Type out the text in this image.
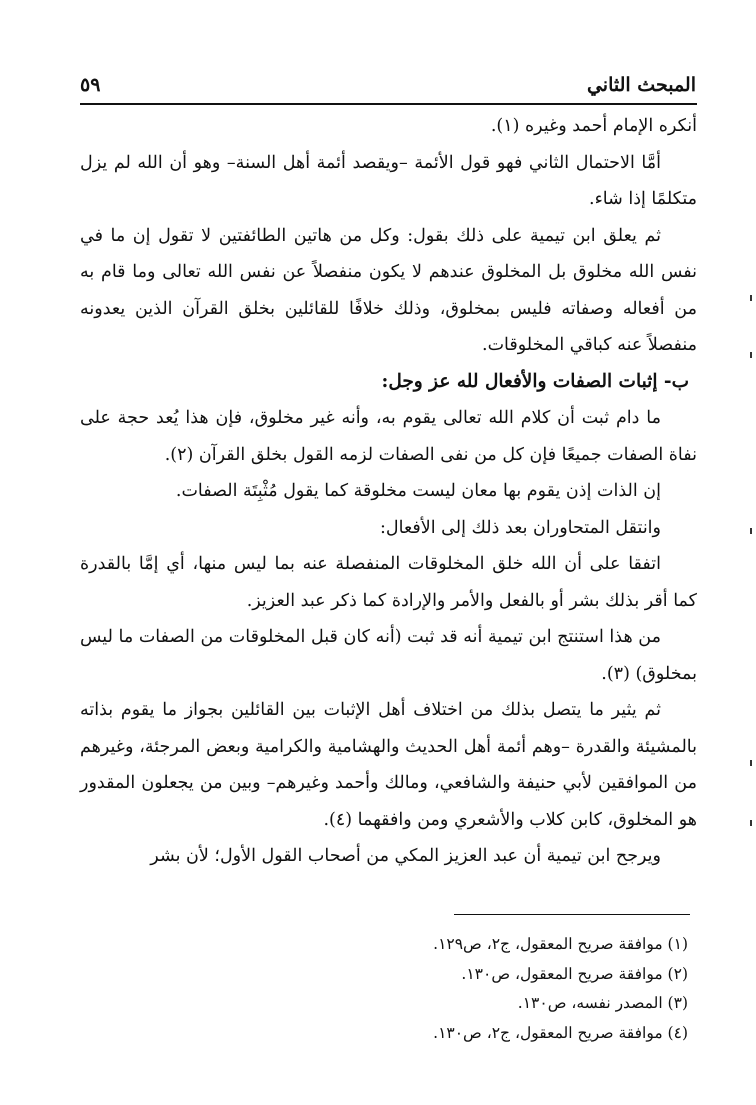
المبحث الثاني
٥٩

أنكره الإمام أحمد وغيره (١).

أمَّا الاحتمال الثاني فهو قول الأئمة –ويقصد أئمة أهل السنة– وهو أن الله لم يزل متكلمًا إذا شاء.

ثم يعلق ابن تيمية على ذلك بقول: وكل من هاتين الطائفتين لا تقول إن ما في نفس الله مخلوق بل المخلوق عندهم لا يكون منفصلاً عن نفس الله تعالى وما قام به من أفعاله وصفاته فليس بمخلوق، وذلك خلافًا للقائلين بخلق القرآن الذين يعدونه منفصلاً عنه كباقي المخلوقات.

ب- إثبات الصفات والأفعال لله عز وجل:

ما دام ثبت أن كلام الله تعالى يقوم به، وأنه غير مخلوق، فإن هذا يُعد حجة على نفاة الصفات جميعًا فإن كل من نفى الصفات لزمه القول بخلق القرآن (٢).

إن الذات إذن يقوم بها معان ليست مخلوقة كما يقول مُثْبِتَة الصفات.

وانتقل المتحاوران بعد ذلك إلى الأفعال:

اتفقا على أن الله خلق المخلوقات المنفصلة عنه بما ليس منها، أي إمَّا بالقدرة كما أقر بذلك بشر أو بالفعل والأمر والإرادة كما ذكر عبد العزيز.

من هذا استنتج ابن تيمية أنه قد ثبت (أنه كان قبل المخلوقات من الصفات ما ليس بمخلوق) (٣).

ثم يثير ما يتصل بذلك من اختلاف أهل الإثبات بين القائلين بجواز ما يقوم بذاته بالمشيئة والقدرة –وهم أئمة أهل الحديث والهشامية والكرامية وبعض المرجئة، وغيرهم من الموافقين لأبي حنيفة والشافعي، ومالك وأحمد وغيرهم– وبين من يجعلون المقدور هو المخلوق، كابن كلاب والأشعري ومن وافقهما (٤).

ويرجح ابن تيمية أن عبد العزيز المكي من أصحاب القول الأول؛ لأن بشر

(١) موافقة صريح المعقول، ج٢، ص١٢٩.

(٢) موافقة صريح المعقول، ص١٣٠.

(٣) المصدر نفسه، ص١٣٠.

(٤) موافقة صريح المعقول، ج٢، ص١٣٠.
